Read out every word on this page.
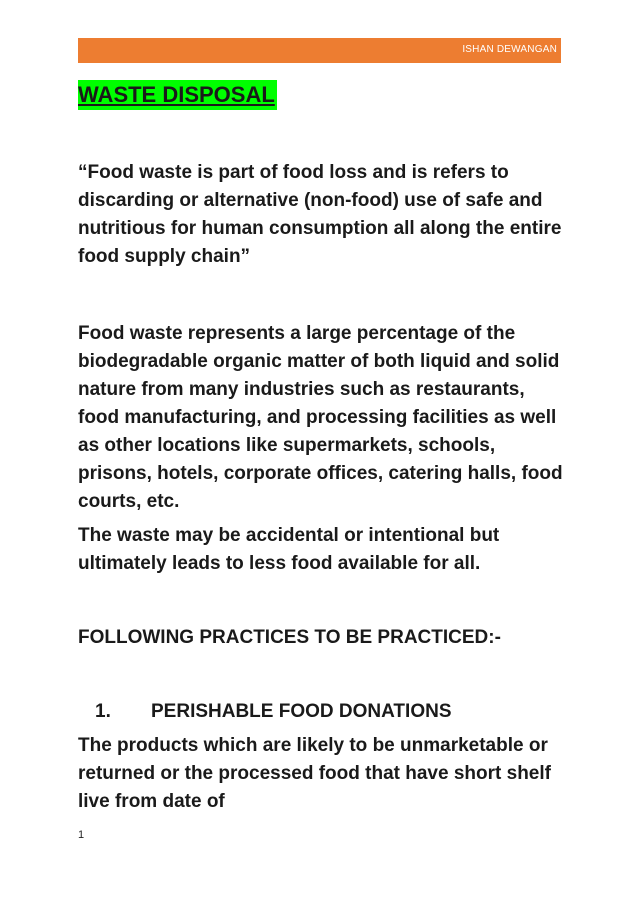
ISHAN DEWANGAN
WASTE DISPOSAL

“Food waste is part of food loss and is refers to discarding or alternative (non-food) use of safe and nutritious for human consumption all along the entire food supply chain”

Food waste represents a large percentage of the biodegradable organic matter of both liquid and solid nature from many industries such as restaurants, food manufacturing, and processing facilities as well as other locations like supermarkets, schools, prisons, hotels, corporate offices, catering halls, food courts, etc.

The waste may be accidental or intentional but ultimately leads to less food available for all.

FOLLOWING PRACTICES TO BE PRACTICED:-

1.	PERISHABLE FOOD DONATIONS

The products which are likely to be unmarketable or returned or the processed food that have short shelf live from date of

1
